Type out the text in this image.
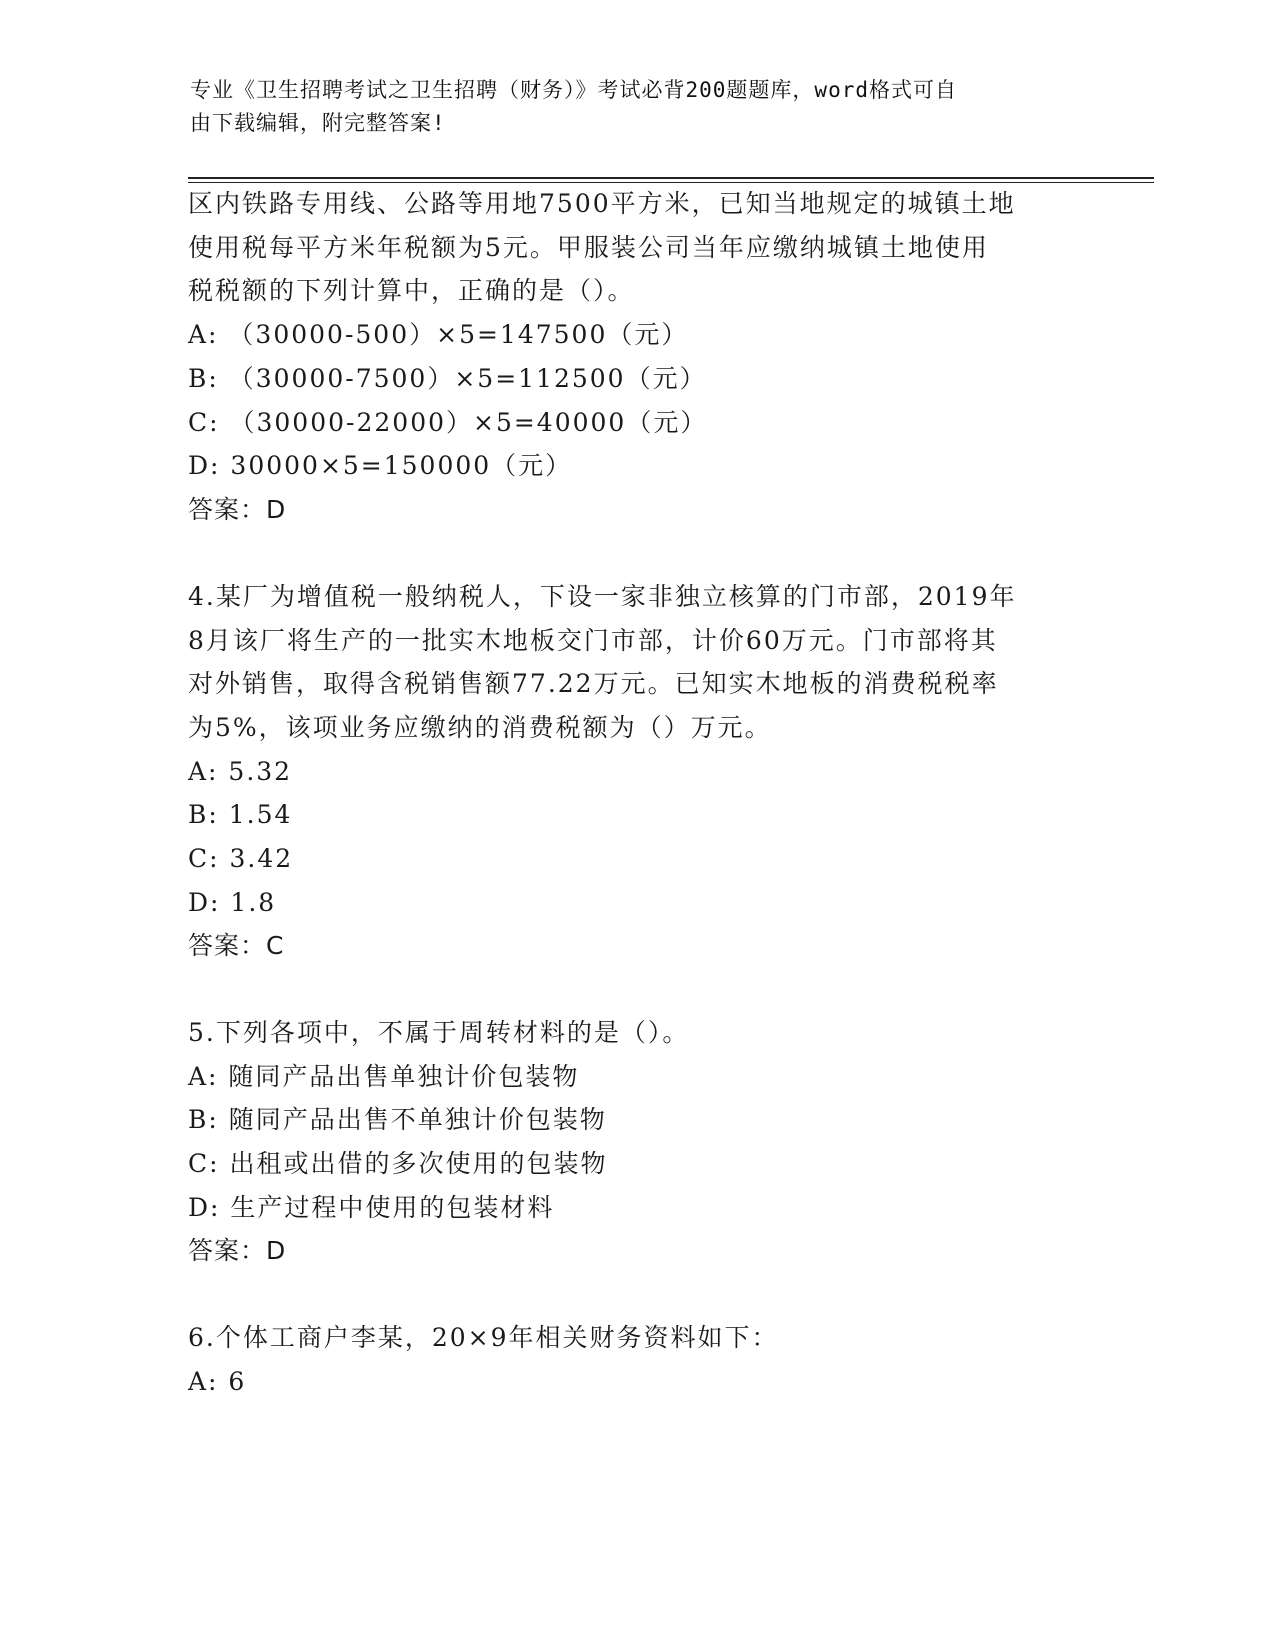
专业《卫生招聘考试之卫生招聘（财务）》考试必背200题题库，word格式可自
由下载编辑，附完整答案!
区内铁路专用线、公路等用地7500平方米，已知当地规定的城镇土地
使用税每平方米年税额为5元。甲服装公司当年应缴纳城镇土地使用
税税额的下列计算中，正确的是（）。
A: （30000-500）×5=147500（元）
B: （30000-7500）×5=112500（元）
C: （30000-22000）×5=40000（元）
D: 30000×5=150000（元）
答案：D
4.某厂为增值税一般纳税人，下设一家非独立核算的门市部，2019年
8月该厂将生产的一批实木地板交门市部，计价60万元。门市部将其
对外销售，取得含税销售额77.22万元。已知实木地板的消费税税率
为5%，该项业务应缴纳的消费税额为（）万元。
A: 5.32
B: 1.54
C: 3.42
D: 1.8
答案：C
5.下列各项中，不属于周转材料的是（）。
A: 随同产品出售单独计价包装物
B: 随同产品出售不单独计价包装物
C: 出租或出借的多次使用的包装物
D: 生产过程中使用的包装材料
答案：D
6.个体工商户李某，20×9年相关财务资料如下：
A: 6
